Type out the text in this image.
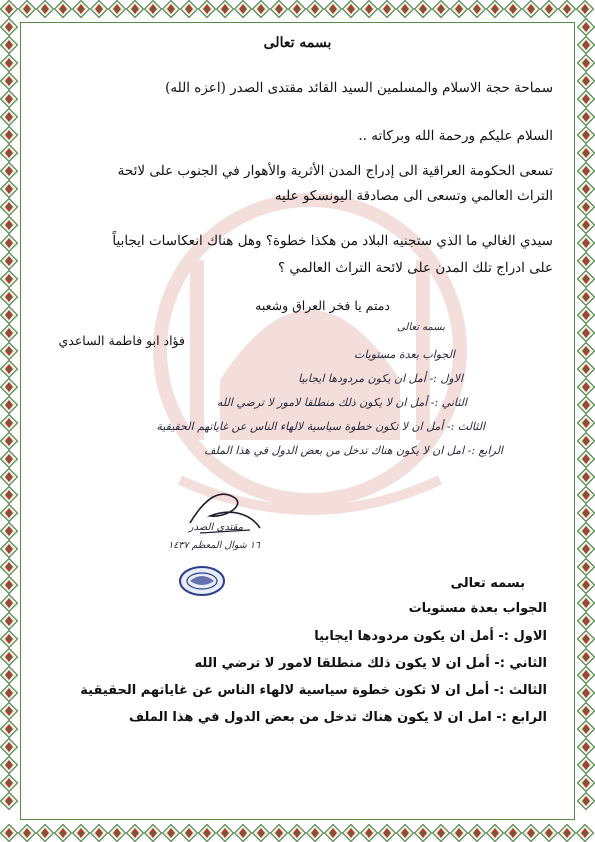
بسمه تعالى
سماحة حجة الاسلام والمسلمين السيد القائد مقتدى الصدر (اعزه الله)
السلام عليكم ورحمة الله وبركاته ..
تسعى الحكومة العراقية الى إدراج المدن الأثرية والأهوار في الجنوب على لائحة
التراث العالمي وتسعى الى مصادقة اليونسكو عليه
سيدي الغالي ما الذي ستجنيه البلاد من هكذا خطوة؟ وهل هناك انعكاسات ايجابياً
على ادراج تلك المدن على لائحة التراث العالمي ؟
دمتم يا فخر العراق وشعبه
فؤاد ابو فاطمة الساعدي
بسمه تعالى
الجواب بعدة مستويات
الاول :- أمل ان يكون مردودها ايجابيا
الثاني :- أمل ان لا يكون ذلك منطلقا لامور لا ترضي الله
الثالث :- أمل ان لا تكون خطوة سياسية لالهاء الناس عن غاياتهم الحقيقية
الرابع :- امل ان لا يكون هناك تدخل من بعض الدول في هذا الملف
مقتدى الصدر
١٦ شوال المعظم ١٤٣٧
بسمه تعالى
الجواب بعدة مستويات
الاول :- أمل ان يكون مردودها ايجابيا
الثاني :- أمل ان لا يكون ذلك منطلقا لامور لا ترضي الله
الثالث :- أمل ان لا تكون خطوة سياسية لالهاء الناس عن غاياتهم الحقيقية
الرابع :- امل ان لا يكون هناك تدخل من بعض الدول في هذا الملف
